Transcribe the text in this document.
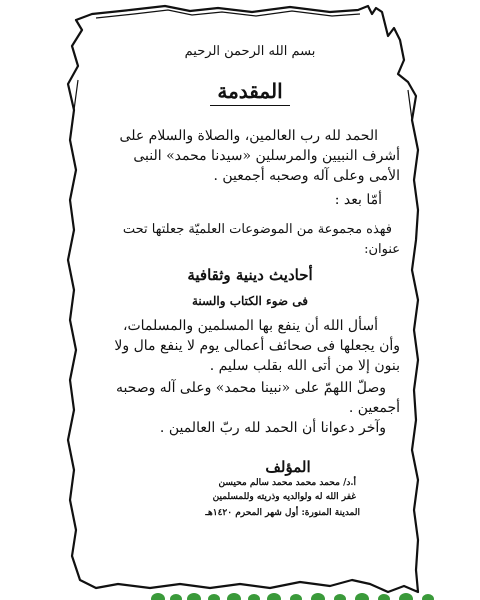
بسم الله الرحمن الرحيم
المقدمة
الحمد لله رب العالمين، والصلاة والسلام على أشرف النبيين والمرسلين «سيدنا محمد» النبى الأمى وعلى آله وصحبه أجمعين .
أمّا بعد :
فهذه مجموعة من الموضوعات العلميّة جعلتها تحت عنوان:
أحاديث دينية وثقافية
فى ضوء الكتاب والسنة
أسأل الله أن ينفع بها المسلمين والمسلمات، وأن يجعلها فى صحائف أعمالى يوم لا ينفع مال ولا بنون إلا من أتى الله بقلب سليم .
وصلّ اللهمّ على «نبينا محمد» وعلى آله وصحبه أجمعين .
وآخر دعوانا أن الحمد لله ربّ العالمين .
المؤلف
أ.د/ محمد محمد محمد سالم محيسن
غفر الله له ولوالديه وذريته وللمسلمين
المدينة المنورة: أول شهر المحرم ١٤٢٠هـ
